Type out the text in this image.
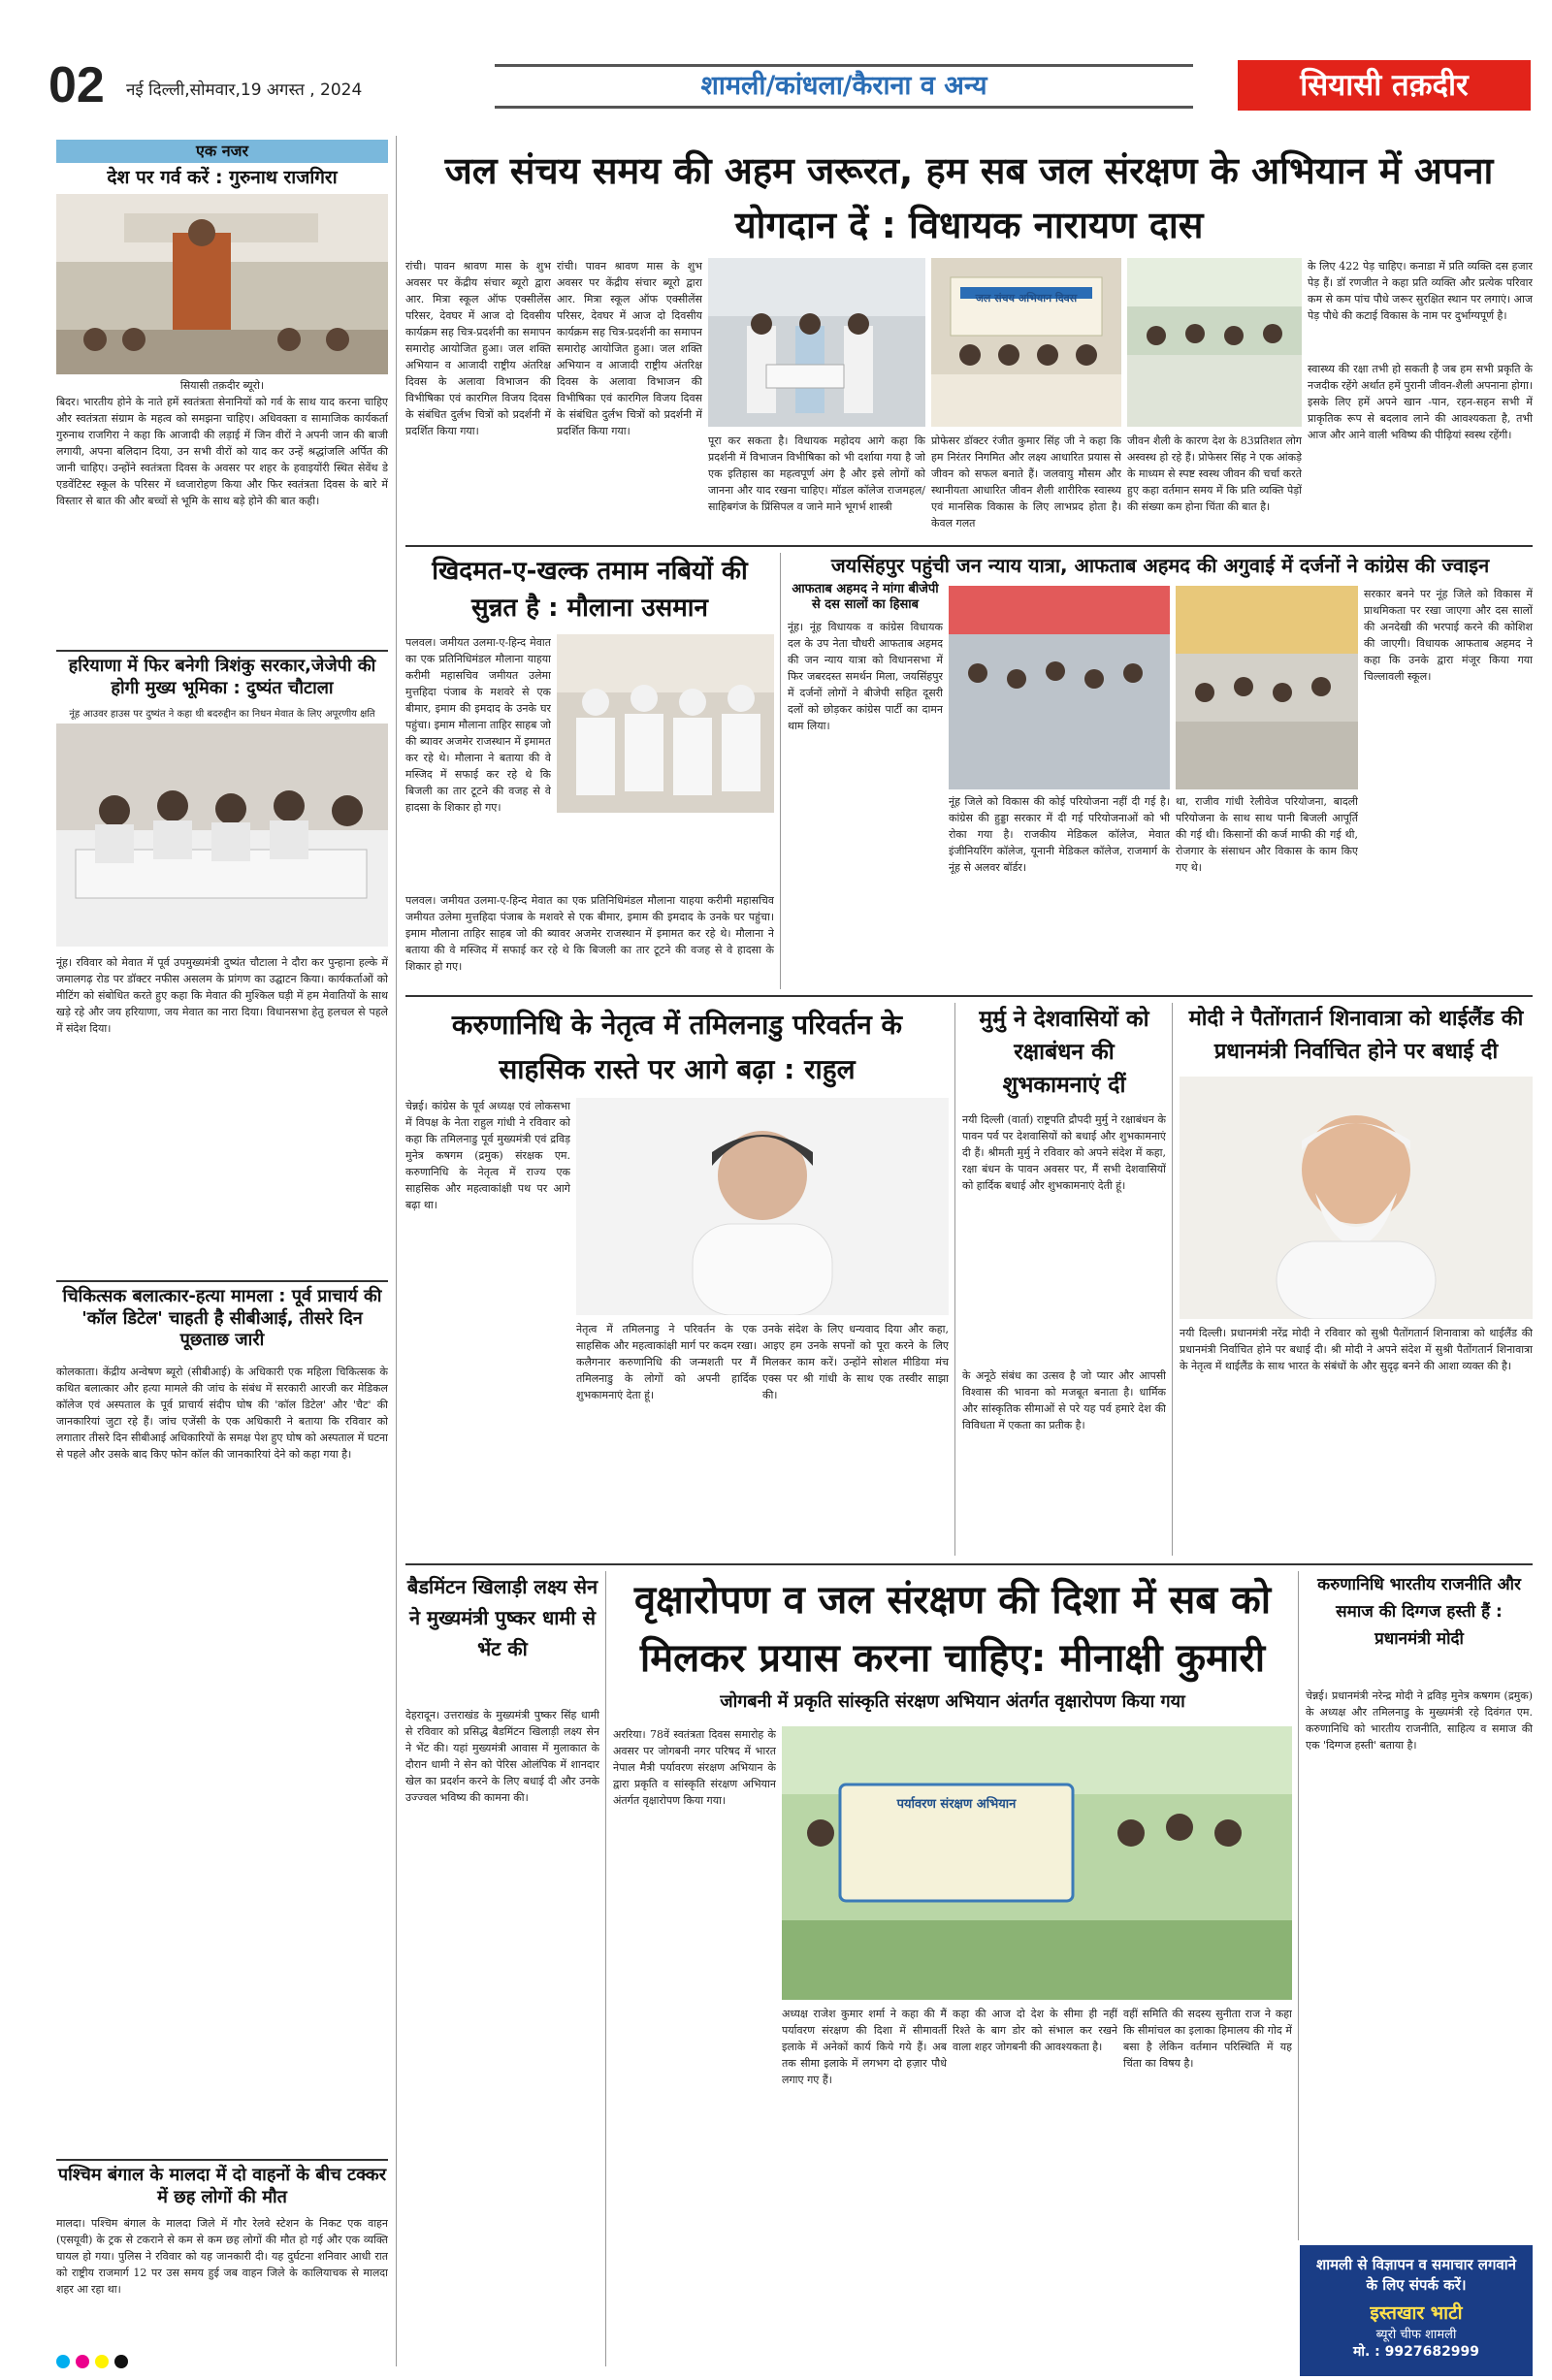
02 नई दिल्ली,सोमवार,19 अगस्त , 2024	शामली/कांधला/कैराना व अन्य	सियासी तक़दीर
एक नजर
देश पर गर्व करें : गुरुनाथ राजगिरा
सियासी तक़दीर ब्यूरो।
बिदर। भारतीय होने के नाते हमें स्वतंत्रता सेनानियों को गर्व के साथ याद करना चाहिए और स्वतंत्रता संग्राम के महत्व को समझना चाहिए। अधिवक्ता व सामाजिक कार्यकर्ता गुरुनाथ राजगिरा ने कहा कि आजादी की लड़ाई में जिन वीरों ने अपनी जान की बाजी लगायी, अपना बलिदान दिया, उन सभी वीरों को याद कर उन्हें श्रद्धांजलि अर्पित की जानी चाहिए। उन्होंने स्वतंत्रता दिवस के अवसर पर शहर के हवाइयोंरी स्थित सेवेंथ डे एडवेंटिस्ट स्कूल के परिसर में ध्वजारोहण किया और फिर स्वतंत्रता दिवस के बारे में विस्तार से बात की और बच्चों से भूमि के साथ बड़े होने की बात कही।
हरियाणा में फिर बनेगी त्रिशंकु सरकार,जेजेपी की होगी मुख्य भूमिका : दुष्यंत चौटाला
नूंह आउवर हाउस पर दुष्यंत ने कहा थी बदरुद्दीन का निधन मेवात के लिए अपूरणीय क्षति
नूंह। रविवार को मेवात में पूर्व उपमुख्यमंत्री दुष्यंत चौटाला ने दौरा कर पुन्हाना हल्के में जमालगढ़ रोड पर डॉक्टर नफीस असलम के प्रांगण का उद्घाटन किया। कार्यकर्ताओं को मीटिंग को संबोधित करते हुए कहा कि मेवात की मुश्किल घड़ी में हम मेवातियों के साथ खड़े रहे और जय हरियाणा, जय मेवात का नारा दिया। विधानसभा हेतु हलचल से पहले में संदेश दिया।
चिकित्सक बलात्कार-हत्या मामला : पूर्व प्राचार्य की 'कॉल डिटेल' चाहती है सीबीआई, तीसरे दिन पूछताछ जारी
कोलकाता। केंद्रीय अन्वेषण ब्यूरो (सीबीआई) के अधिकारी एक महिला चिकित्सक के कथित बलात्कार और हत्या मामले की जांच के संबंध में सरकारी आरजी कर मेडिकल कॉलेज एवं अस्पताल के पूर्व प्राचार्य संदीप घोष की 'कॉल डिटेल' और 'चैट' की जानकारियां जुटा रहे हैं। जांच एजेंसी के एक अधिकारी ने बताया कि रविवार को लगातार तीसरे दिन सीबीआई अधिकारियों के समक्ष पेश हुए घोष को अस्पताल में घटना से पहले और उसके बाद किए फोन कॉल की जानकारियां देने को कहा गया है।
पश्चिम बंगाल के मालदा में दो वाहनों के बीच टक्कर में छह लोगों की मौत
मालदा। पश्चिम बंगाल के मालदा जिले में गौर रेलवे स्टेशन के निकट एक वाहन (एसयूवी) के ट्रक से टकराने से कम से कम छह लोगों की मौत हो गई और एक व्यक्ति घायल हो गया। पुलिस ने रविवार को यह जानकारी दी। यह दुर्घटना शनिवार आधी रात को राष्ट्रीय राजमार्ग 12 पर उस समय हुई जब वाहन जिले के कालियाचक से मालदा शहर आ रहा था।
जल संचय समय की अहम जरूरत, हम सब जल संरक्षण के अभियान में अपना योगदान दें : विधायक नारायण दास
रांची। पावन श्रावण मास के शुभ अवसर पर केंद्रीय संचार ब्यूरो द्वारा आर. मित्रा स्कूल ऑफ एक्सीलेंस परिसर, देवघर में आज दो दिवसीय कार्यक्रम सह चित्र-प्रदर्शनी का समापन समारोह आयोजित हुआ। जल शक्ति अभियान व आजादी राष्ट्रीय अंतरिक्ष दिवस के अलावा विभाजन की विभीषिका एवं कारगिल विजय दिवस के संबंधित दुर्लभ चित्रों को प्रदर्शनी में प्रदर्शित किया गया।
रांची। पावन श्रावण मास के शुभ अवसर पर केंद्रीय संचार ब्यूरो द्वारा आर. मित्रा स्कूल ऑफ एक्सीलेंस परिसर, देवघर में आज दो दिवसीय कार्यक्रम सह चित्र-प्रदर्शनी का समापन समारोह आयोजित हुआ। जल शक्ति अभियान व आजादी राष्ट्रीय अंतरिक्ष दिवस के अलावा विभाजन की विभीषिका एवं कारगिल विजय दिवस के संबंधित दुर्लभ चित्रों को प्रदर्शनी में प्रदर्शित किया गया।
पूरा कर सकता है। विधायक महोदय आगे कहा कि प्रदर्शनी में विभाजन विभीषिका को भी दर्शाया गया है जो एक इतिहास का महत्वपूर्ण अंग है और इसे लोगों को जानना और याद रखना चाहिए। मॉडल कॉलेज राजमहल/ साहिबगंज के प्रिंसिपल व जाने माने भूगर्भ शास्त्री
जल संचय अभियान दिवस
प्रोफेसर डॉक्टर रंजीत कुमार सिंह जी ने कहा कि हम निरंतर निगमित और लक्ष्य आधारित प्रयास से जीवन को सफल बनाते हैं। जलवायु मौसम और स्थानीयता आधारित जीवन शैली शारीरिक स्वास्थ्य एवं मानसिक विकास के लिए लाभप्रद होता है। केवल गलत
जीवन शैली के कारण देश के 83प्रतिशत लोग अस्वस्थ हो रहे हैं। प्रोफेसर सिंह ने एक आंकड़े के माध्यम से स्पष्ट स्वस्थ जीवन की चर्चा करते हुए कहा वर्तमान समय में कि प्रति व्यक्ति पेड़ों की संख्या कम होना चिंता की बात है।
के लिए 422 पेड़ चाहिए। कनाडा में प्रति व्यक्ति दस हजार पेड़ हैं। डॉ रणजीत ने कहा प्रति व्यक्ति और प्रत्येक परिवार कम से कम पांच पौधे जरूर सुरक्षित स्थान पर लगाएं। आज पेड़ पौधे की कटाई विकास के नाम पर दुर्भाग्यपूर्ण है।
स्वास्थ्य की रक्षा तभी हो सकती है जब हम सभी प्रकृति के नजदीक रहेंगे अर्थात हमें पुरानी जीवन-शैली अपनाना होगा। इसके लिए हमें अपने खान -पान, रहन-सहन सभी में प्राकृतिक रूप से बदलाव लाने की आवश्यकता है, तभी आज और आने वाली भविष्य की पीढ़ियां स्वस्थ रहेंगी।
खिदमत-ए-खल्क तमाम नबियों की सुन्नत है : मौलाना उसमान
पलवल। जमीयत उलमा-ए-हिन्द मेवात का एक प्रतिनिधिमंडल मौलाना याहया करीमी महासचिव जमीयत उलेमा मुत्तहिदा पंजाब के मशवरे से एक बीमार, इमाम की इमदाद के उनके घर पहुंचा। इमाम मौलाना ताहिर साहब जो की ब्यावर अजमेर राजस्थान में इमामत कर रहे थे। मौलाना ने बताया की वे मस्जिद में सफाई कर रहे थे कि बिजली का तार टूटने की वजह से वे हादसा के शिकार हो गए।
पलवल। जमीयत उलमा-ए-हिन्द मेवात का एक प्रतिनिधिमंडल मौलाना याहया करीमी महासचिव जमीयत उलेमा मुत्तहिदा पंजाब के मशवरे से एक बीमार, इमाम की इमदाद के उनके घर पहुंचा। इमाम मौलाना ताहिर साहब जो की ब्यावर अजमेर राजस्थान में इमामत कर रहे थे। मौलाना ने बताया की वे मस्जिद में सफाई कर रहे थे कि बिजली का तार टूटने की वजह से वे हादसा के शिकार हो गए।
जयसिंहपुर पहुंची जन न्याय यात्रा, आफताब अहमद की अगुवाई में दर्जनों ने कांग्रेस की ज्वाइन
आफताब अहमद ने मांगा बीजेपी से दस सालों का हिसाब
नूंह। नूंह विधायक व कांग्रेस विधायक दल के उप नेता चौधरी आफताब अहमद की जन न्याय यात्रा को विधानसभा में फिर जबरदस्त समर्थन मिला, जयसिंहपुर में दर्जनों लोगों ने बीजेपी सहित दूसरी दलों को छोड़कर कांग्रेस पार्टी का दामन थाम लिया।
नूंह जिले को विकास की कोई परियोजना नहीं दी गई है। कांग्रेस की हुड्डा सरकार में दी गई परियोजनाओं को भी रोका गया है। राजकीय मेडिकल कॉलेज, मेवात इंजीनियरिंग कॉलेज, यूनानी मेडिकल कॉलेज, राजमार्ग के नूंह से अलवर बॉर्डर।
था, राजीव गांधी रेलीवेज परियोजना, बादली परियोजना के साथ साथ पानी बिजली आपूर्ति की गई थी। किसानों की कर्ज माफी की गई थी, रोजगार के संसाधन और विकास के काम किए गए थे।
सरकार बनने पर नूंह जिले को विकास में प्राथमिकता पर रखा जाएगा और दस सालों की अनदेखी की भरपाई करने की कोशिश की जाएगी। विधायक आफताब अहमद ने कहा कि उनके द्वारा मंजूर किया गया चिल्लावली स्कूल।
करुणानिधि के नेतृत्व में तमिलनाडु परिवर्तन के साहसिक रास्ते पर आगे बढ़ा : राहुल
चेन्नई। कांग्रेस के पूर्व अध्यक्ष एवं लोकसभा में विपक्ष के नेता राहुल गांधी ने रविवार को कहा कि तमिलनाडु पूर्व मुख्यमंत्री एवं द्रविड़ मुनेत्र कषगम (द्रमुक) संरक्षक एम. करुणानिधि के नेतृत्व में राज्य एक साहसिक और महत्वाकांक्षी पथ पर आगे बढ़ा था।
नेतृत्व में तमिलनाडु ने परिवर्तन के एक साहसिक और महत्वाकांक्षी मार्ग पर कदम रखा। कलैगनार करुणानिधि की जन्मशती पर मैं तमिलनाडु के लोगों को अपनी हार्दिक शुभकामनाएं देता हूं।
उनके संदेश के लिए धन्यवाद दिया और कहा, आइए हम उनके सपनों को पूरा करने के लिए मिलकर काम करें। उन्होंने सोशल मीडिया मंच एक्स पर श्री गांधी के साथ एक तस्वीर साझा की।
मुर्मु ने देशवासियों को रक्षाबंधन की शुभकामनाएं दीं
नयी दिल्ली (वार्ता) राष्ट्रपति द्रौपदी मुर्मु ने रक्षाबंधन के पावन पर्व पर देशवासियों को बधाई और शुभकामनाएं दी हैं। श्रीमती मुर्मु ने रविवार को अपने संदेश में कहा, रक्षा बंधन के पावन अवसर पर, मैं सभी देशवासियों को हार्दिक बधाई और शुभकामनाएं देती हूं।
के अनूठे संबंध का उत्सव है जो प्यार और आपसी विश्वास की भावना को मजबूत बनाता है। धार्मिक और सांस्कृतिक सीमाओं से परे यह पर्व हमारे देश की विविधता में एकता का प्रतीक है।
मोदी ने पैतोंगतार्न शिनावात्रा को थाईलैंड की प्रधानमंत्री निर्वाचित होने पर बधाई दी
नयी दिल्ली। प्रधानमंत्री नरेंद्र मोदी ने रविवार को सुश्री पैतोंगतार्न शिनावात्रा को थाईलैंड की प्रधानमंत्री निर्वाचित होने पर बधाई दी। श्री मोदी ने अपने संदेश में सुश्री पैतोंगतार्न शिनावात्रा के नेतृत्व में थाईलैंड के साथ भारत के संबंधों के और सुदृढ़ बनने की आशा व्यक्त की है।
बैडमिंटन खिलाड़ी लक्ष्य सेन ने मुख्यमंत्री पुष्कर धामी से भेंट की
देहरादून। उत्तराखंड के मुख्यमंत्री पुष्कर सिंह धामी से रविवार को प्रसिद्ध बैडमिंटन खिलाड़ी लक्ष्य सेन ने भेंट की। यहां मुख्यमंत्री आवास में मुलाकात के दौरान धामी ने सेन को पेरिस ओलंपिक में शानदार खेल का प्रदर्शन करने के लिए बधाई दी और उनके उज्ज्वल भविष्य की कामना की।
वृक्षारोपण व जल संरक्षण की दिशा में सब को मिलकर प्रयास करना चाहिए: मीनाक्षी कुमारी
जोगबनी में प्रकृति सांस्कृति संरक्षण अभियान अंतर्गत वृक्षारोपण किया गया
अररिया। 78वें स्वतंत्रता दिवस समारोह के अवसर पर जोगबनी नगर परिषद में भारत नेपाल मैत्री पर्यावरण संरक्षण अभियान के द्वारा प्रकृति व सांस्कृति संरक्षण अभियान अंतर्गत वृक्षारोपण किया गया।	पर्यावरण संरक्षण अभियान
अध्यक्ष राजेश कुमार शर्मा ने कहा की मैं पर्यावरण संरक्षण की दिशा में सीमावर्ती इलाके में अनेकों कार्य किये गये हैं। अब तक सीमा इलाके में लगभग दो हज़ार पौधे लगाए गए हैं।
कहा की आज दो देश के सीमा ही नहीं रिश्ते के बाग डोर को संभाल कर रखने वाला शहर जोगबनी की आवश्यकता है।
वहीं समिति की सदस्य सुनीता राज ने कहा कि सीमांचल का इलाका हिमालय की गोद में बसा है लेकिन वर्तमान परिस्थिति में यह चिंता का विषय है।
करुणानिधि भारतीय राजनीति और समाज की दिग्गज हस्ती हैं : प्रधानमंत्री मोदी
चेन्नई। प्रधानमंत्री नरेन्द्र मोदी ने द्रविड़ मुनेत्र कषगम (द्रमुक) के अध्यक्ष और तमिलनाडु के मुख्यमंत्री रहे दिवंगत एम. करुणानिधि को भारतीय राजनीति, साहित्य व समाज की एक 'दिग्गज हस्ती' बताया है।
शामली से विज्ञापन व समाचार लगवाने के लिए संपर्क करें।
इस्तखार भाटी
ब्यूरो चीफ शामली
मो. : 9927682999
